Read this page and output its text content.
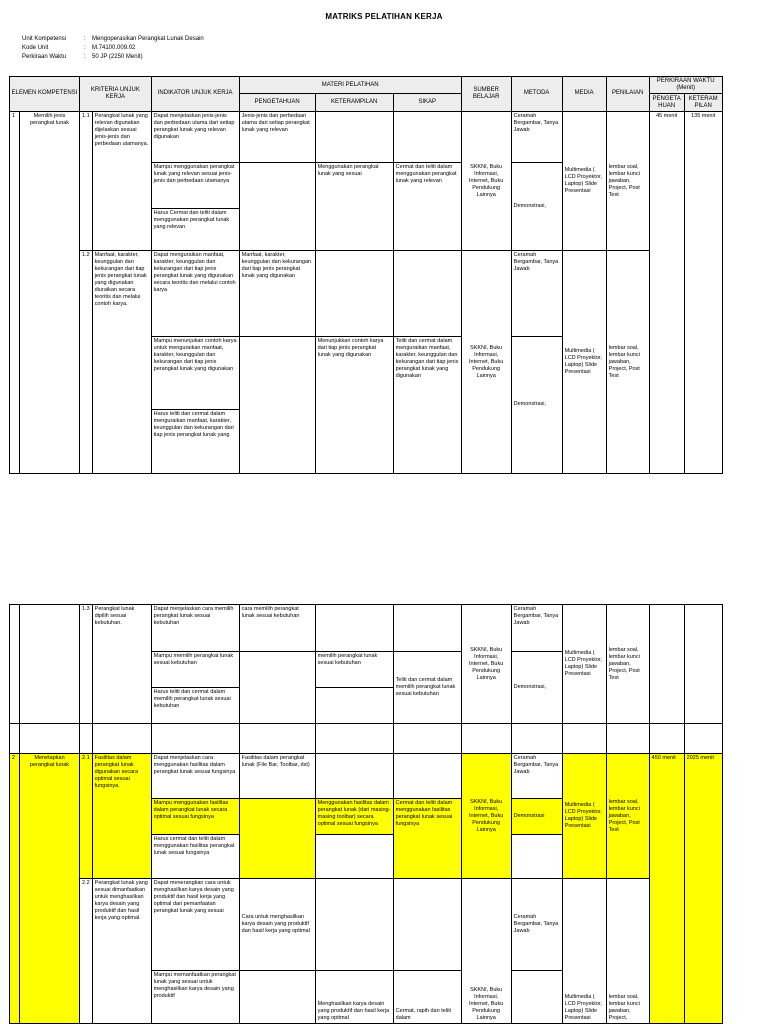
MATRIKS PELATIHAN KERJA
Unit Kompetensi	:	Mengoperasikan Perangkat Lunak Desain
Kode Unit	:	M.74100.009.02
Perkiraan Waktu	:	50 JP (2250 Menit)
ELEMEN KOMPETENSI		KRITERIA UNJUK KERJA		INDIKATOR UNJUK KERJA	MATERI PELATIHAN			SUMBER BELAJAR	METODA	MEDIA	PENILAIAN	PERKIRAAN WAKTU (Menit)	
					PENGETAHUAN	KETERAMPILAN	SIKAP					PENGETA HUAN	KETERAM PILAN
1	Memilih jenis perangkat lunak	1.1	Perangkat lunak yang relevan digunakan dijelaskan sesuai jenis-jenis dan perbedaan utamanya.	Dapat menjelaskan jenis-jenis dan perbedaan utama dari setiap perangkat lunak yang relevan digunakan	Jenis-jenis dan perbedaan utama dari setiap perangkat lunak yang relevan			SKKNI, Buku Informasi, Internet, Buku Pendukung Lainnya	Ceramah Bergambar, Tanya Jawab	Multimedia ( LCD Proyektor, Laptop) Slide Presentasi	lembar soal, lembar kunci jawaban, Project, Post Test	45 menit	135 menit
				Mampu menggunakan perangkat lunak yang relevan sesuai jenis-jenis dan perbedaan utamanya		Menggunakan perangkat lunak yang sesuai	Cermat dan teliti dalam menggunakan perangkat lunak yang relevan		Demonstrasi,				
				Harus Cermat dan teliti dalam menggunakan perangkat lunak yang relevan									
		1.2	Manfaat, karakter, keunggulan dan kekurangan dari tiap jenis perangkat lunak yang digunakan diuraikan secara teoritis dan melalui contoh karya.	Dapat menguraikan manfaat, karakter, keunggulan dan kekurangan dari tiap jenis perangkat lunak yang digunakan secara teoritis dan melalui contoh karya	Manfaat, karakter, keunggulan dan kekurangan dari tiap jenis perangkat lunak yang digunakan			SKKNI, Buku Informasi, Internet, Buku Pendukung Lainnya	Ceramah Bergambar, Tanya Jawab	Multimedia ( LCD Proyektor, Laptop) Slide Presentasi	lembar soal, lembar kunci jawaban, Project, Post Test		
				Mampu menunjukan contoh karya untuk menguraikan manfaat, karakter, keunggulan dan kekurangan dari tiap jenis perangkat lunak yang digunakan		Menunjukkan contoh karya dari tiap jenis perangkat lunak yang digunakan	Teliti dan cermat dalam menguraikan manfaat, karakter, keunggulan dan kekurangan dari tiap jenis perangkat lunak yang digunakan		Demonstrasi,				
				Harus teliti dan cermat dalam menguraikan manfaat, karakter, keunggulan dan kekurangan dari tiap jenis perangkat lunak yang									
		1.3	Perangkat lunak dipilih sesuai kebutuhan.	Dapat menjelaskan cara memilih perangkat lunak sesuai kebutuhan	cara memilih perangkat lunak sesuai kebutuhan			SKKNI, Buku Informasi, Internet, Buku Pendukung Lainnya	Ceramah Bergambar, Tanya Jawab	Multimedia ( LCD Proyektor, Laptop) Slide Presentasi	lembar soal, lembar kunci jawaban, Project, Post Test		
				Mampu memilih perangkat lunak sesuai kebutuhan		memilih perangkat lunak sesuai kebutuhan	Teliti dan cermat dalam memilih perangkat lunak sesuai kebutuhan		Demonstrasi,				
				Harus teliti dan cermat dalam memilih perangkat lunak sesuai kebutuhan									

2	Menetapkan perangkat lunak	2.1	Fasilitas dalam perangkat lunak digunakan secara optimal sesuai fungsinya.	Dapat menjelaskan cara menggunakan fasilitas dalam perangkat lunak sesuai fungsinya	Fasilitas dalam perangkat lunak (File Bar, Toolbar, dst)			SKKNI, Buku Informasi, Internet, Buku Pendukung Lainnya	Ceramah Bergambar, Tanya Jawab	Multimedia ( LCD Proyektor, Laptop) Slide Presentasi	lembar soal, lembar kunci jawaban, Project, Post Test	450 menit	2025 menit
				Mampu menggunakan fasilitas dalam perangkat lunak secara optimal sesuai fungsinya		Menggunakan fasilitas dalam perangkat lunak (dari masing-masing toolbar) secara optimal sesuai fungsinya	Cermat dan teliti dalam menggunakan fasilitas perangkat lunak sesuai fungsinya		Demonstrasi				
				Harus cermat dan teliti dalam menggunakan fasilitas perangkat lunak sesuai fungsinya									
		2.2	Perangkat lunak yang sesuai dimanfaatkan untuk menghasilkan karya desain yang produktif dan hasil kerja yang optimal.	Dapat menerangkan cara untuk menghasilkan karya desain yang produktif dan hasil kerja yang optimal dari pemanfaatan perangkat lunak yang sesuai	Cara untuk menghasilkan karya desain yang produktif dan hasil kerja yang optimal			SKKNI, Buku Informasi, Internet, Buku Pendukung Lainnya	Ceramah Bergambar, Tanya Jawab	Multimedia ( LCD Proyektor, Laptop) Slide Presentasi	lembar soal, lembar kunci jawaban, Project,		
				Mampu memanfaatkan perangkat lunak yang sesuai untuk menghasilkan karya desain yang produktif		Menghasilkan karya desain yang produktif dan hasil kerja yang optimal	Cermat, rapih dan teliti dalam						
